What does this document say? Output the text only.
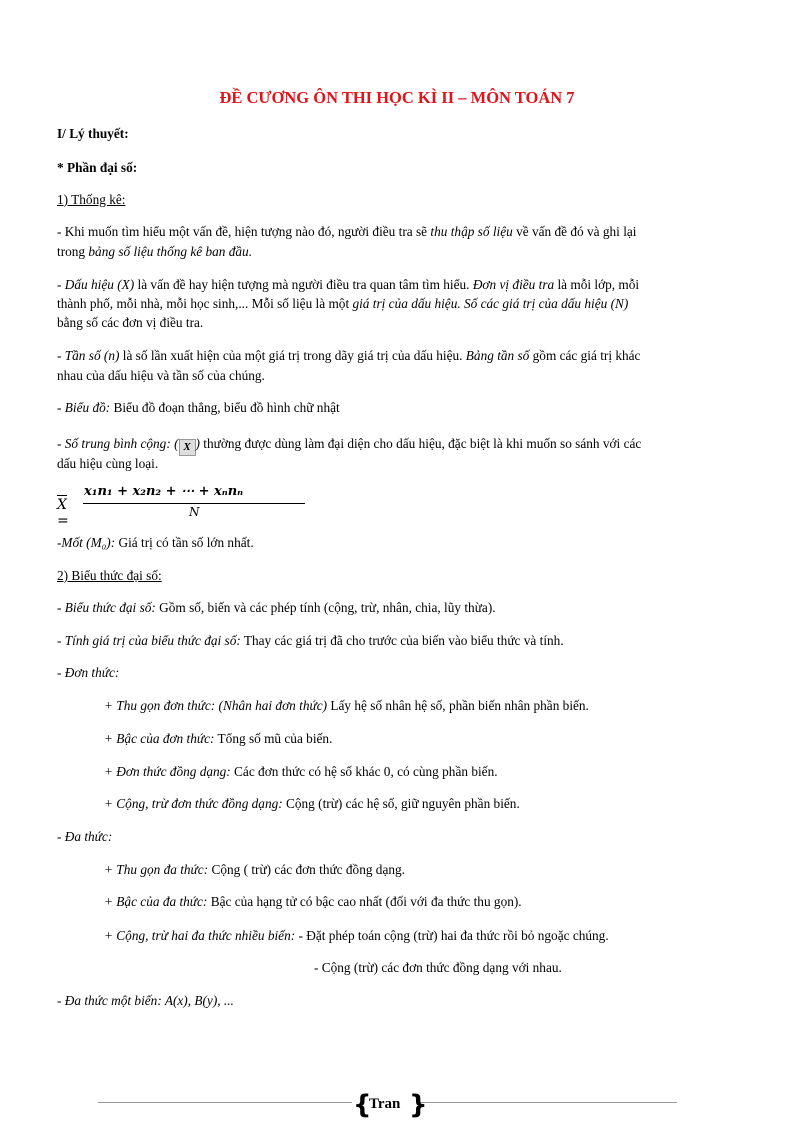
ĐỀ CƯƠNG ÔN THI HỌC KÌ II – MÔN TOÁN 7
I/ Lý thuyết:
* Phần đại số:
1) Thống kê:
- Khi muốn tìm hiểu một vấn đề, hiện tượng nào đó, người điều tra sẽ thu thập số liệu về vấn đề đó và ghi lại
trong bảng số liệu thống kê ban đầu.
- Dấu hiệu (X) là vấn đề hay hiện tượng mà người điều tra quan tâm tìm hiểu. Đơn vị điều tra là mỗi lớp, mỗi
thành phố, mỗi nhà, mỗi học sinh,... Mỗi số liệu là một giá trị của dấu hiệu. Số các giá trị của dấu hiệu (N)
bằng số các đơn vị điều tra.
- Tần số (n) là số lần xuất hiện của một giá trị trong dãy giá trị của dấu hiệu. Bảng tần số gồm các giá trị khác
nhau của dấu hiệu và tần số của chúng.
- Biểu đồ: Biểu đồ đoạn thẳng, biểu đồ hình chữ nhật
- Số trung bình cộng: ( X ) thường được dùng làm đại diện cho dấu hiệu, đặc biệt là khi muốn so sánh với các
dấu hiệu cùng loại.
X =
x₁n₁ + x₂n₂ + ⋯ + xₙnₙ
N
-Mốt (M₀): Giá trị có tần số lớn nhất.
2) Biểu thức đại số:
- Biểu thức đại số: Gồm số, biến và các phép tính (cộng, trừ, nhân, chia, lũy thừa).
- Tính giá trị của biểu thức đại số: Thay các giá trị đã cho trước của biến vào biểu thức và tính.
- Đơn thức:
+ Thu gọn đơn thức: (Nhân hai đơn thức) Lấy hệ số nhân hệ số, phần biến nhân phần biến.
+ Bậc của đơn thức: Tổng số mũ của biến.
+ Đơn thức đồng dạng: Các đơn thức có hệ số khác 0, có cùng phần biến.
+ Cộng, trừ đơn thức đồng dạng: Cộng (trừ) các hệ số, giữ nguyên phần biến.
- Đa thức:
+ Thu gọn đa thức: Cộng ( trừ) các đơn thức đồng dạng.
+ Bậc của đa thức: Bậc của hạng tử có bậc cao nhất (đối với đa thức thu gọn).
+ Cộng, trừ hai đa thức nhiều biến: - Đặt phép toán cộng (trừ) hai đa thức rồi bỏ ngoặc chúng.
- Cộng (trừ) các đơn thức đồng dạng với nhau.
- Đa thức một biến: A(x), B(y), ...
{ }
Tran
